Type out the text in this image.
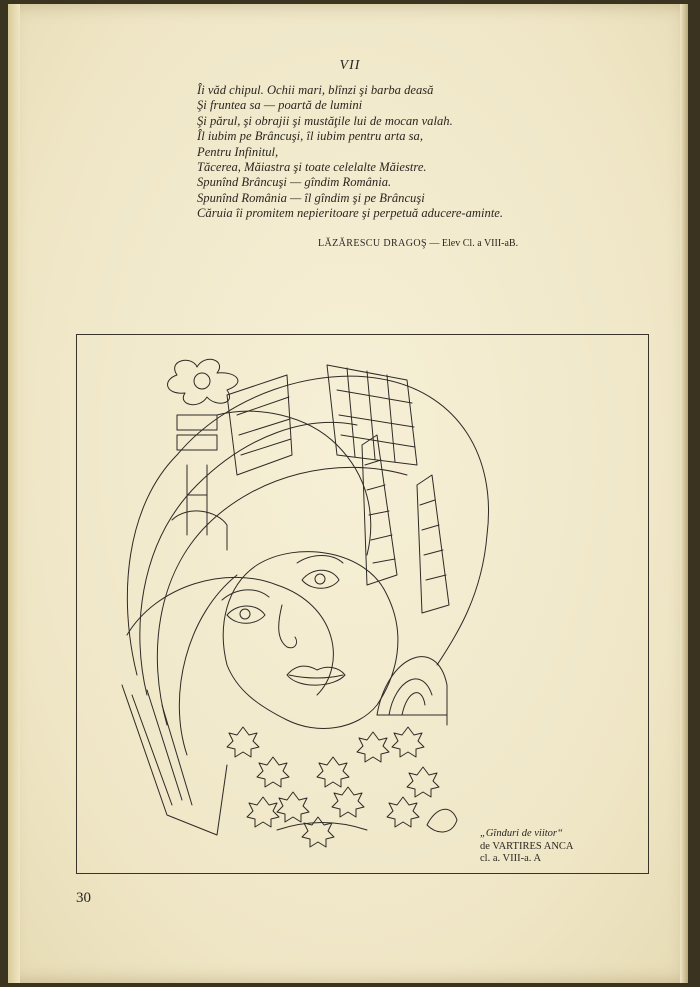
VII
Îi văd chipul. Ochii mari, blînzi şi barba deasă
Şi fruntea sa — poartă de lumini
Şi părul, şi obrajii şi mustăţile lui de mocan valah.
Îl iubim pe Brâncuşi, îl iubim pentru arta sa,
Pentru Infinitul,
Tăcerea, Măiastra şi toate celelalte Măiestre.
Spunînd Brâncuşi — gîndim România.
Spunînd România — îl gîndim şi pe Brâncuşi
Căruia îi promitem nepieritoare şi perpetuă aducere-aminte.
LĂZĂRESCU DRAGOŞ — Elev Cl. a VIII-aB.
„Gînduri de viitor“
de VARTIRES ANCA
cl. a. VIII-a. A
30
